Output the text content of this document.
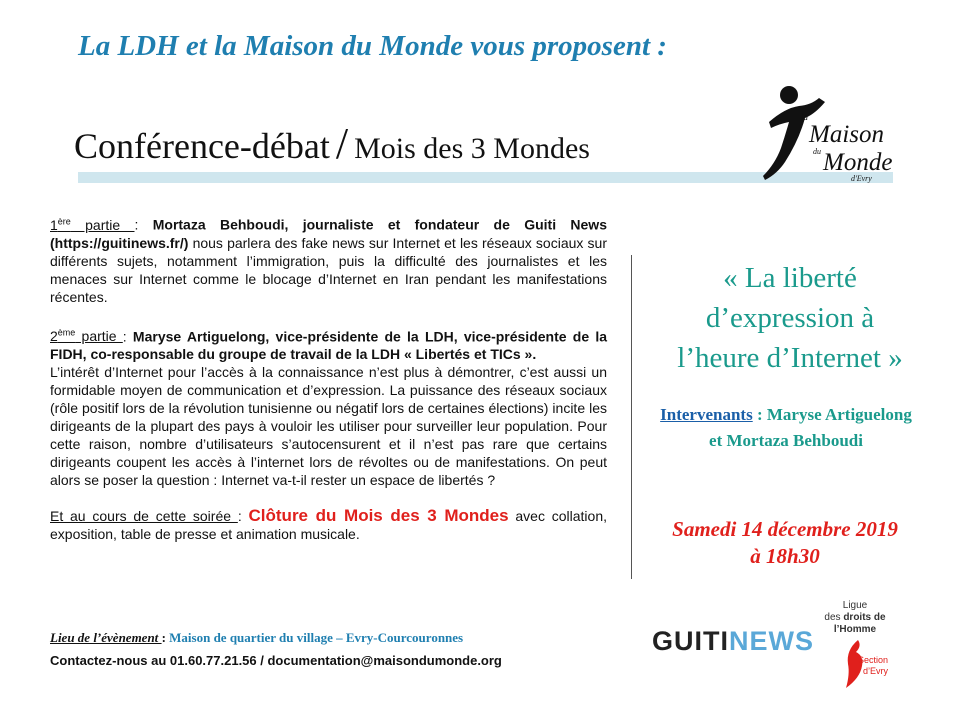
La LDH et la Maison du Monde vous proposent :
Conférence-débat / Mois des 3 Mondes
la
Maison
du Monde
d'Evry

1ère partie : Mortaza Behboudi, journaliste et fondateur de Guiti News (https://guitinews.fr/) nous parlera des fake news sur Internet et les réseaux sociaux sur différents sujets, notamment l’immigration, puis la difficulté des journalistes et les menaces sur Internet comme le blocage d’Internet en Iran pendant les manifestations récentes.

2ème partie : Maryse Artiguelong, vice-présidente de la LDH, vice-présidente de la FIDH, co-responsable du groupe de travail de la LDH « Libertés et TICs ».

L’intérêt d’Internet pour l’accès à la connaissance n’est plus à démontrer, c’est aussi un formidable moyen de communication et d’expression. La puissance des réseaux sociaux (rôle positif lors de la révolution tunisienne ou négatif lors de certaines élections) incite les dirigeants de la plupart des pays à vouloir les utiliser pour surveiller leur population. Pour cette raison, nombre d’utilisateurs s’autocensurent et il n’est pas rare que certains dirigeants coupent les accès à l’internet lors de révoltes ou de manifestations. On peut alors se poser la question : Internet va-t-il rester un espace de libertés ?

Et au cours de cette soirée : Clôture du Mois des 3 Mondes avec collation, exposition, table de presse et animation musicale.

Lieu de l’évènement : Maison de quartier du village – Evry-Courcouronnes
Contactez-nous au 01.60.77.21.56 / documentation@maisondumonde.org
« La liberté
d’expression à
l’heure d’Internet »
Intervenants : Maryse Artiguelong et Mortaza Behboudi
Samedi 14 décembre 2019
à 18h30
GUITINEWS
Ligue
des droits de
l’Homme
Section
d’Evry
